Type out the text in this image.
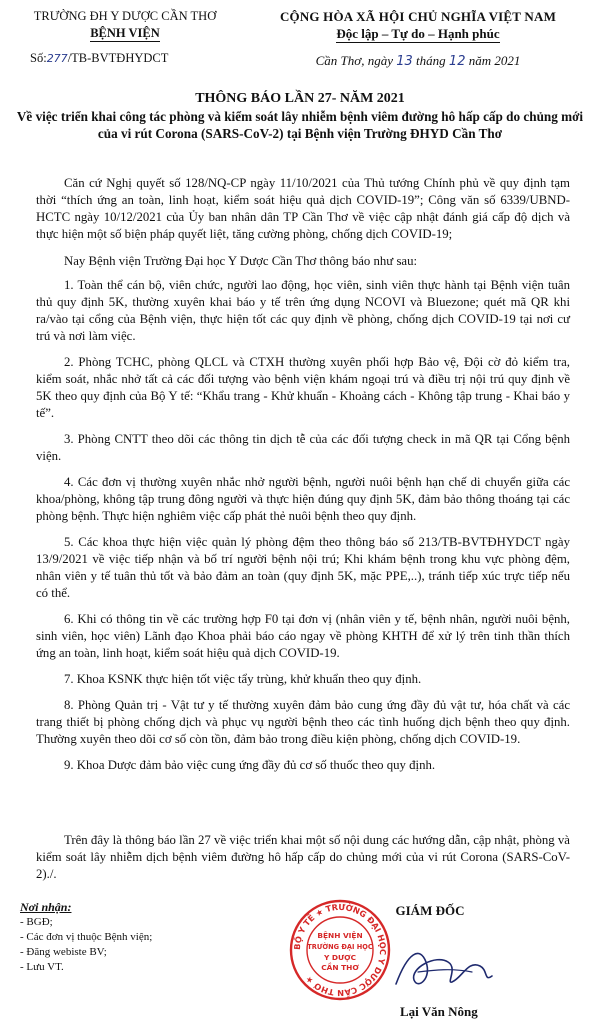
TRƯỜNG ĐH Y DƯỢC CẦN THƠ
BỆNH VIỆN
Số:277/TB-BVTĐHYDCT
CỘNG HÒA XÃ HỘI CHỦ NGHĨA VIỆT NAM
Độc lập – Tự do – Hạnh phúc
Cần Thơ, ngày 13 tháng 12 năm 2021
THÔNG BÁO LẦN 27- NĂM 2021
Về việc triển khai công tác phòng và kiểm soát lây nhiễm bệnh viêm đường hô hấp cấp do chủng mới của vi rút Corona (SARS-CoV-2) tại Bệnh viện Trường ĐHYD Cần Thơ

Căn cứ Nghị quyết số 128/NQ-CP ngày 11/10/2021 của Thủ tướng Chính phủ về quy định tạm thời “thích ứng an toàn, linh hoạt, kiểm soát hiệu quả dịch COVID-19”; Công văn số 6339/UBND-HCTC ngày 10/12/2021 của Ủy ban nhân dân TP Cần Thơ về việc cập nhật đánh giá cấp độ dịch và thực hiện một số biện pháp quyết liệt, tăng cường phòng, chống dịch COVID-19;

Nay Bệnh viện Trường Đại học Y Dược Cần Thơ thông báo như sau:

1. Toàn thể cán bộ, viên chức, người lao động, học viên, sinh viên thực hành tại Bệnh viện tuân thủ quy định 5K, thường xuyên khai báo y tế trên ứng dụng NCOVI và Bluezone; quét mã QR khi ra/vào tại cổng của Bệnh viện, thực hiện tốt các quy định về phòng, chống dịch COVID-19 tại nơi cư trú và nơi làm việc.

2. Phòng TCHC, phòng QLCL và CTXH thường xuyên phối hợp Bảo vệ, Đội cờ đỏ kiểm tra, kiểm soát, nhắc nhở tất cả các đối tượng vào bệnh viện khám ngoại trú và điều trị nội trú quy định về 5K theo quy định của Bộ Y tế: “Khẩu trang - Khử khuẩn - Khoảng cách - Không tập trung - Khai báo y tế”.

3. Phòng CNTT theo dõi các thông tin dịch tễ của các đối tượng check in mã QR tại Cổng bệnh viện.

4. Các đơn vị thường xuyên nhắc nhở người bệnh, người nuôi bệnh hạn chế di chuyển giữa các khoa/phòng, không tập trung đông người và thực hiện đúng quy định 5K, đảm bảo thông thoáng tại các phòng bệnh. Thực hiện nghiêm việc cấp phát thẻ nuôi bệnh theo quy định.

5. Các khoa thực hiện việc quản lý phòng đệm theo thông báo số 213/TB-BVTĐHYDCT ngày 13/9/2021 về việc tiếp nhận và bố trí người bệnh nội trú; Khi khám bệnh trong khu vực phòng đệm, nhân viên y tế tuân thủ tốt và bảo đảm an toàn (quy định 5K, mặc PPE,..), tránh tiếp xúc trực tiếp nếu có thể.

6. Khi có thông tin về các trường hợp F0 tại đơn vị (nhân viên y tế, bệnh nhân, người nuôi bệnh, sinh viên, học viên) Lãnh đạo Khoa phải báo cáo ngay về phòng KHTH để xử lý trên tinh thần thích ứng an toàn, linh hoạt, kiểm soát hiệu quả dịch COVID-19.

7. Khoa KSNK thực hiện tốt việc tẩy trùng, khử khuẩn theo quy định.

8. Phòng Quản trị - Vật tư y tế thường xuyên đảm bảo cung ứng đầy đủ vật tư, hóa chất và các trang thiết bị phòng chống dịch và phục vụ người bệnh theo các tình huống dịch bệnh theo quy định. Thường xuyên theo dõi cơ số còn tồn, đảm bảo trong điều kiện phòng, chống dịch COVID-19.

9. Khoa Dược đảm bảo việc cung ứng đầy đủ cơ số thuốc theo quy định.

Trên đây là thông báo lần 27 về việc triển khai một số nội dung các hướng dẫn, cập nhật, phòng và kiểm soát lây nhiễm dịch bệnh viêm đường hô hấp cấp do chủng mới của vi rút Corona (SARS-CoV-2)./.
Nơi nhận:
- BGĐ;
- Các đơn vị thuộc Bệnh viện;
- Đăng webiste BV;
- Lưu VT.
GIÁM ĐỐC
BỘ Y TẾ ★ TRƯỜNG ĐẠI HỌC Y DƯỢC CẦN THƠ ★
BỆNH VIỆN
TRƯỜNG ĐẠI HỌC
Y DƯỢC
CẦN THƠ
Lại Văn Nông
